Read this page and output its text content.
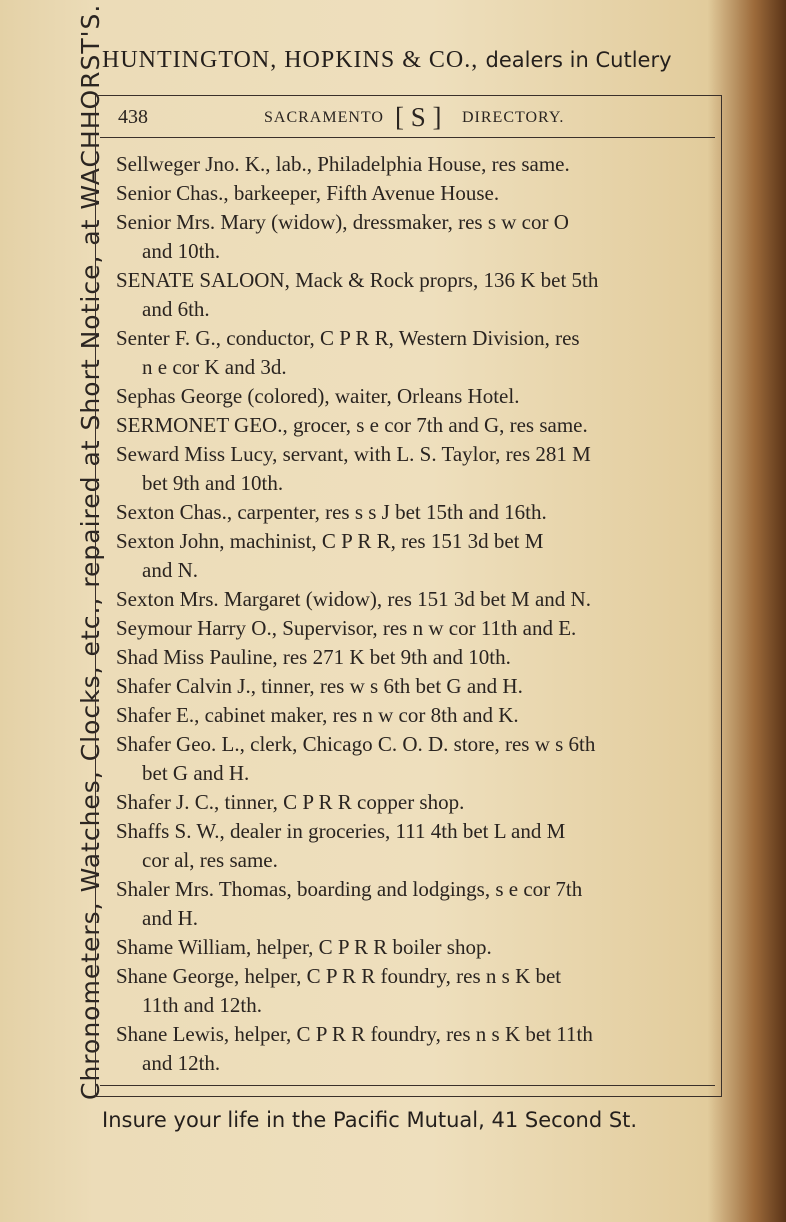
Chronometers, Watches, Clocks, etc., repaired at Short Notice, at WACHHORST'S.
HUNTINGTON, HOPKINS & CO., dealers in Cutlery
438	SACRAMENTO [ S ] DIRECTORY.
Sellweger Jno. K., lab., Philadelphia House, res same.
Senior Chas., barkeeper, Fifth Avenue House.
Senior Mrs. Mary (widow), dressmaker, res s w cor O
and 10th.
SENATE SALOON, Mack & Rock proprs, 136 K bet 5th
and 6th.
Senter F. G., conductor, C P R R, Western Division, res
n e cor K and 3d.
Sephas George (colored), waiter, Orleans Hotel.
SERMONET GEO., grocer, s e cor 7th and G, res same.
Seward Miss Lucy, servant, with L. S. Taylor, res 281 M
bet 9th and 10th.
Sexton Chas., carpenter, res s s J bet 15th and 16th.
Sexton John, machinist, C P R R, res 151 3d bet M
and N.
Sexton Mrs. Margaret (widow), res 151 3d bet M and N.
Seymour Harry O., Supervisor, res n w cor 11th and E.
Shad Miss Pauline, res 271 K bet 9th and 10th.
Shafer Calvin J., tinner, res w s 6th bet G and H.
Shafer E., cabinet maker, res n w cor 8th and K.
Shafer Geo. L., clerk, Chicago C. O. D. store, res w s 6th
bet G and H.
Shafer J. C., tinner, C P R R copper shop.
Shaffs S. W., dealer in groceries, 111 4th bet L and M
cor al, res same.
Shaler Mrs. Thomas, boarding and lodgings, s e cor 7th
and H.
Shame William, helper, C P R R boiler shop.
Shane George, helper, C P R R foundry, res n s K bet
11th and 12th.
Shane Lewis, helper, C P R R foundry, res n s K bet 11th
and 12th.
Insure your life in the Pacific Mutual, 41 Second St.
